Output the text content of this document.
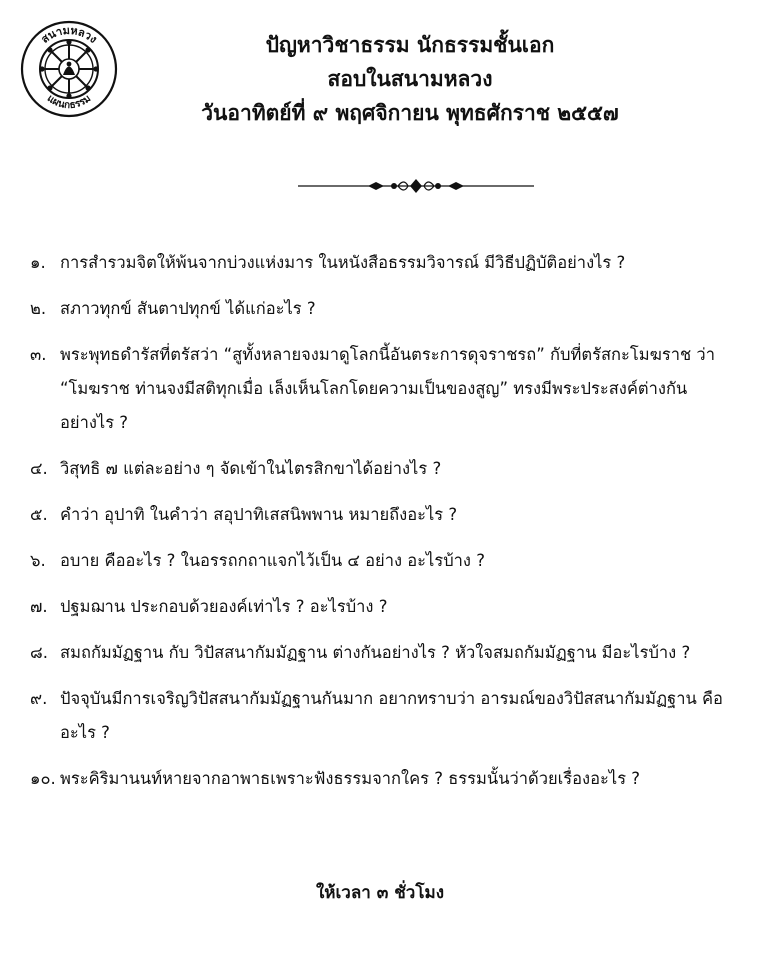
สนามหลวง
แผนกธรรม
ปัญหาวิชาธรรม นักธรรมชั้นเอก
สอบในสนามหลวง
วันอาทิตย์ที่ ๙ พฤศจิกายน พุทธศักราช ๒๕๕๗
๑. การสำรวมจิตให้พ้นจากบ่วงแห่งมาร ในหนังสือธรรมวิจารณ์ มีวิธีปฏิบัติอย่างไร ?
๒. สภาวทุกข์ สันตาปทุกข์ ได้แก่อะไร ?
๓. พระพุทธดำรัสที่ตรัสว่า “สูทั้งหลายจงมาดูโลกนี้อันตระการดุจราชรถ” กับที่ตรัสกะโมฆราช ว่า “โมฆราช ท่านจงมีสติทุกเมื่อ เล็งเห็นโลกโดยความเป็นของสูญ” ทรงมีพระประสงค์ต่างกันอย่างไร ?
๔. วิสุทธิ ๗ แต่ละอย่าง ๆ จัดเข้าในไตรสิกขาได้อย่างไร ?
๕. คำว่า อุปาทิ ในคำว่า สอุปาทิเสสนิพพาน หมายถึงอะไร ?
๖. อบาย คืออะไร ? ในอรรถกถาแจกไว้เป็น ๔ อย่าง อะไรบ้าง ?
๗. ปฐมฌาน ประกอบด้วยองค์เท่าไร ? อะไรบ้าง ?
๘. สมถกัมมัฏฐาน กับ วิปัสสนากัมมัฏฐาน ต่างกันอย่างไร ? หัวใจสมถกัมมัฏฐาน มีอะไรบ้าง ?
๙. ปัจจุบันมีการเจริญวิปัสสนากัมมัฏฐานกันมาก อยากทราบว่า อารมณ์ของวิปัสสนากัมมัฏฐาน คืออะไร ?
๑๐. พระคิริมานนท์หายจากอาพาธเพราะฟังธรรมจากใคร ? ธรรมนั้นว่าด้วยเรื่องอะไร ?
ให้เวลา ๓ ชั่วโมง
